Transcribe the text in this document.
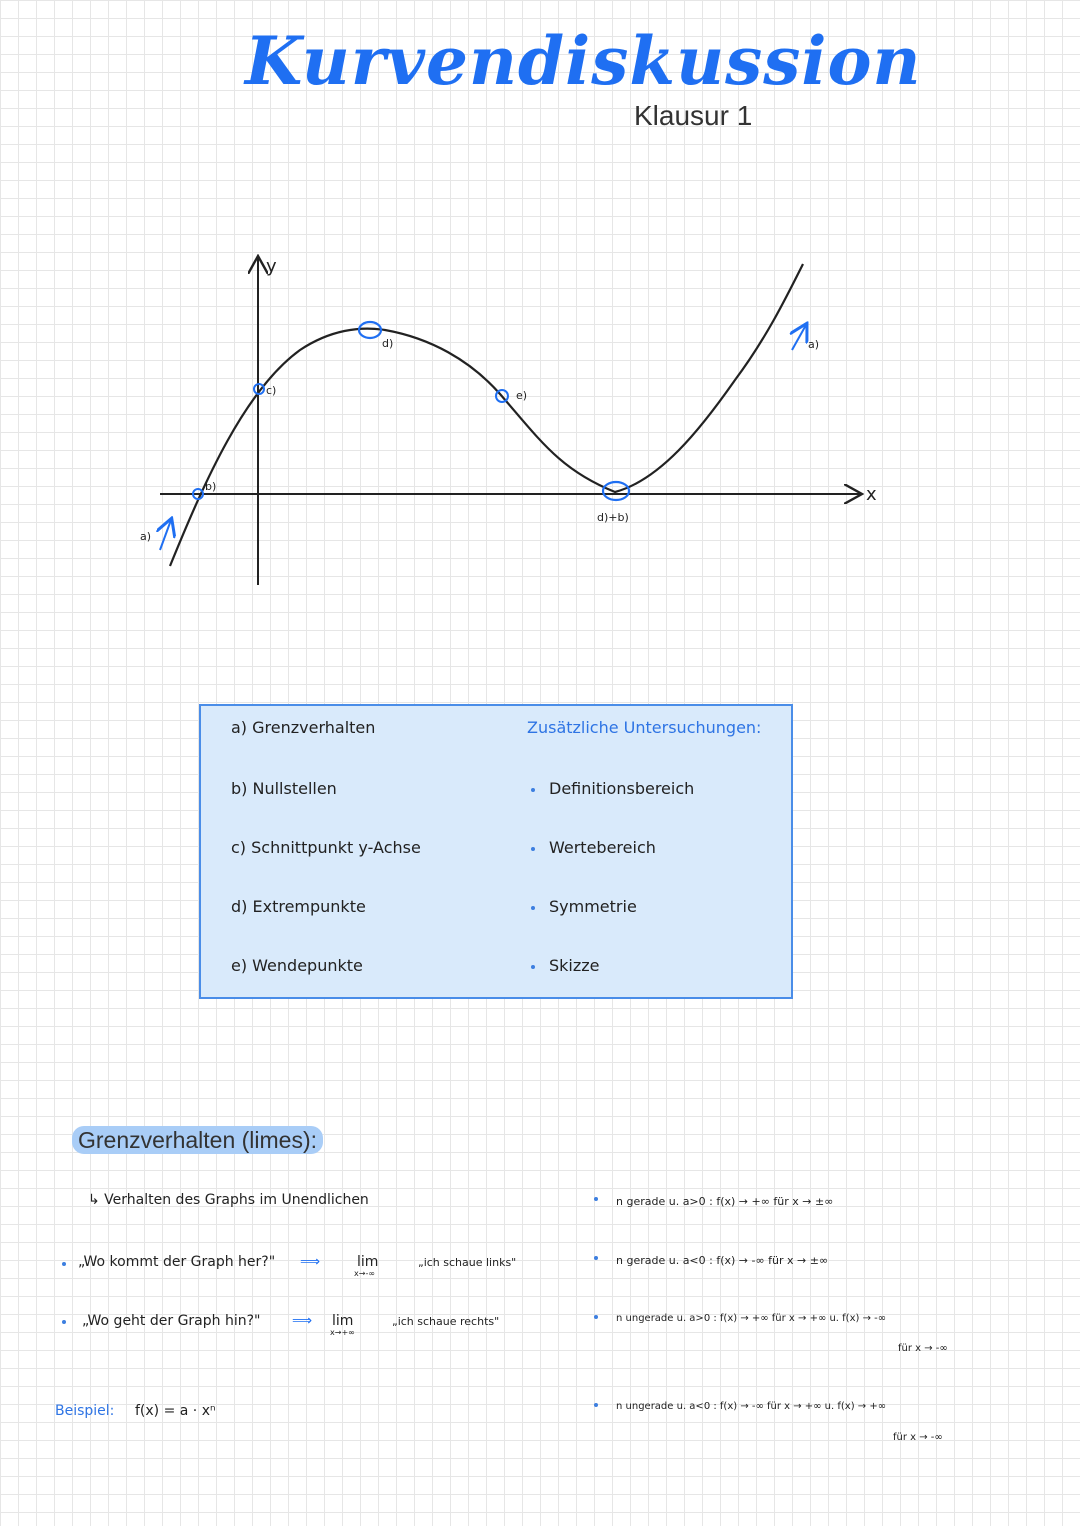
Kurvendiskussion
Klausur 1
y
x
a)
b)
c)
d)
e)
d)+b)
a)
a) Grenzverhalten
b) Nullstellen
c) Schnittpunkt y-Achse
d) Extrempunkte
e) Wendepunkte
Zusätzliche Untersuchungen:
Definitionsbereich
Wertebereich
Symmetrie
Skizze
Grenzverhalten (limes):
↳ Verhalten des Graphs im Unendlichen
„Wo kommt der Graph her?" ⟹	lim
x→-∞
„ich schaue links"
„Wo geht der Graph hin?" ⟹ lim
x→+∞
„ich schaue rechts"
Beispiel: f(x) = a · xⁿ
n gerade u. a>0 : f(x) → +∞ für x → ±∞
n gerade u. a<0 : f(x) → -∞ für x → ±∞
n ungerade u. a>0 : f(x) → +∞ für x → +∞ u. f(x) → -∞
für x → -∞
n ungerade u. a<0 : f(x) → -∞ für x → +∞ u. f(x) → +∞
für x → -∞
